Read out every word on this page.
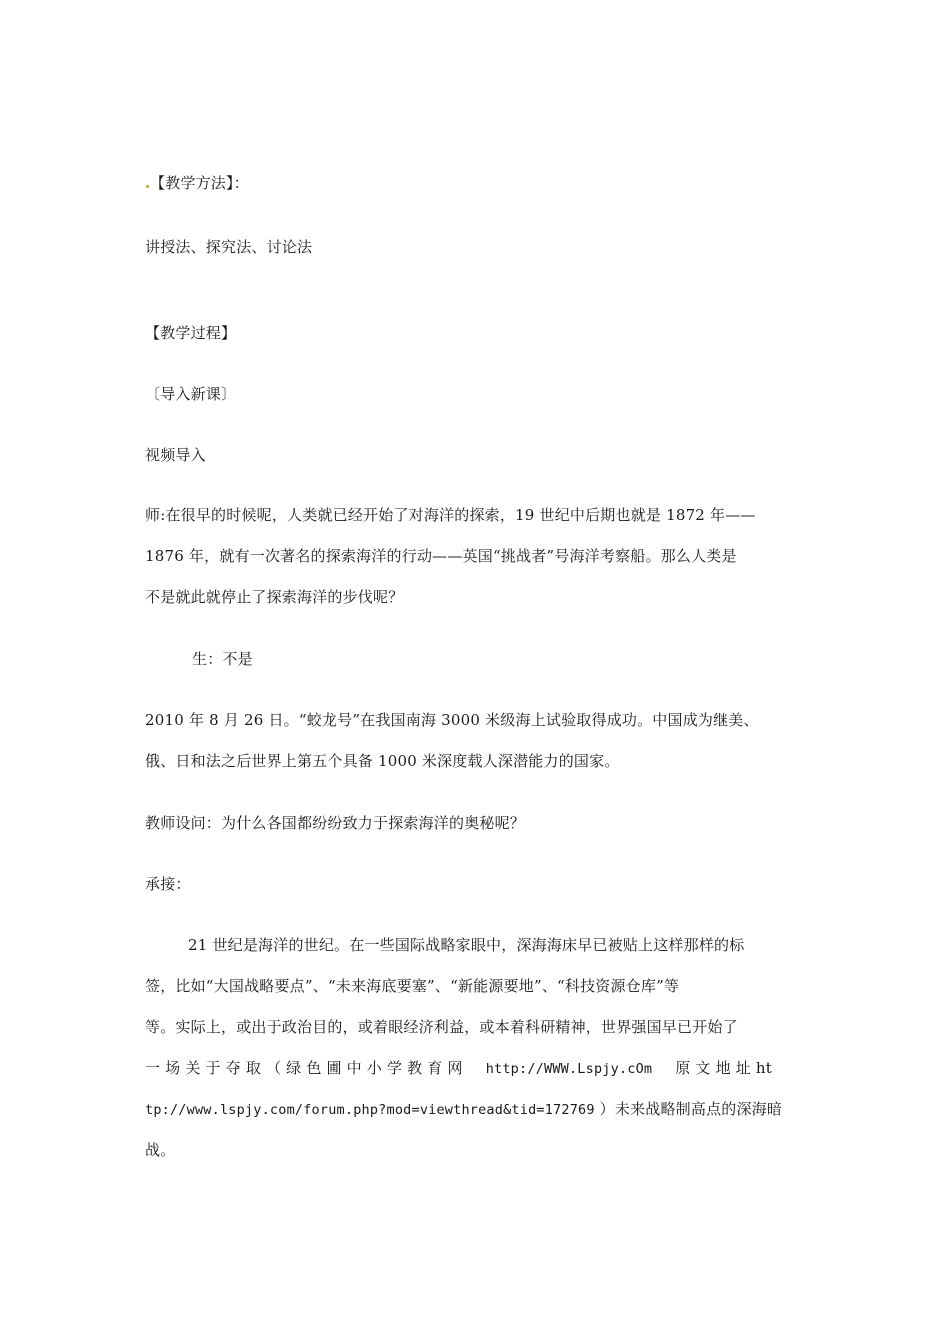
【教学方法】：
讲授法、探究法、讨论法
【教学过程】
〔导入新课〕
视频导入
师:在很早的时候呢，人类就已经开始了对海洋的探索，19 世纪中后期也就是 1872 年——
1876 年，就有一次著名的探索海洋的行动——英国“挑战者”号海洋考察船。那么人类是
不是就此就停止了探索海洋的步伐呢？
生：不是
2010 年 8 月 26 日。“蛟龙号”在我国南海 3000 米级海上试验取得成功。中国成为继美、
俄、日和法之后世界上第五个具备 1000 米深度载人深潜能力的国家。
教师设问：为什么各国都纷纷致力于探索海洋的奥秘呢？
承接：
21 世纪是海洋的世纪。在一些国际战略家眼中，深海海床早已被贴上这样那样的标
签，比如“大国战略要点”、“未来海底要塞”、“新能源要地”、“科技资源仓库”等
等。实际上，或出于政治目的，或着眼经济利益，或本着科研精神，世界强国早已开始了
一 场 关 于 夺 取 （ 绿 色 圃 中 小 学 教 育 网 http://WWW.Lspjy.cOm 原 文 地 址 ht
tp://www.lspjy.com/forum.php?mod=viewthread&tid=172769 ）未来战略制高点的深海暗
战。
